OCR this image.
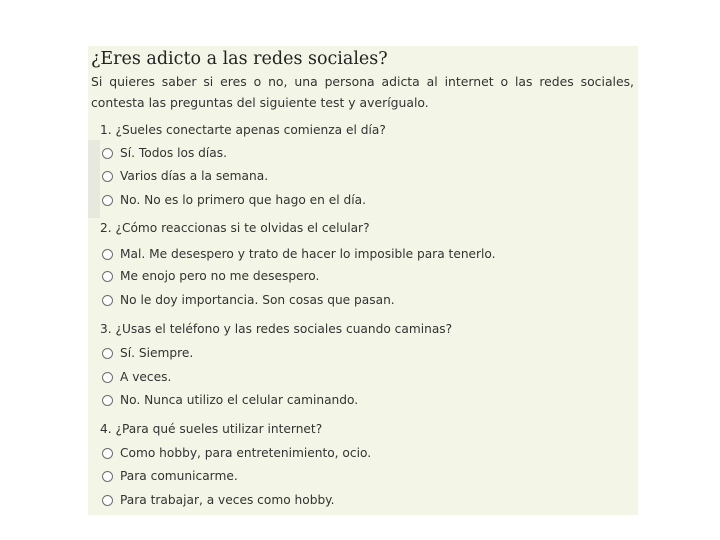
¿Eres adicto a las redes sociales?
Si quieres saber si eres o no, una persona adicta al internet o las redes sociales,
contesta las preguntas del siguiente test y averígualo.
1. ¿Sueles conectarte apenas comienza el día?
Sí. Todos los días.
Varios días a la semana.
No. No es lo primero que hago en el día.
2. ¿Cómo reaccionas si te olvidas el celular?
Mal. Me desespero y trato de hacer lo imposible para tenerlo.
Me enojo pero no me desespero.
No le doy importancia. Son cosas que pasan.
3. ¿Usas el teléfono y las redes sociales cuando caminas?
Sí. Siempre.
A veces.
No. Nunca utilizo el celular caminando.
4. ¿Para qué sueles utilizar internet?
Como hobby, para entretenimiento, ocio.
Para comunicarme.
Para trabajar, a veces como hobby.
